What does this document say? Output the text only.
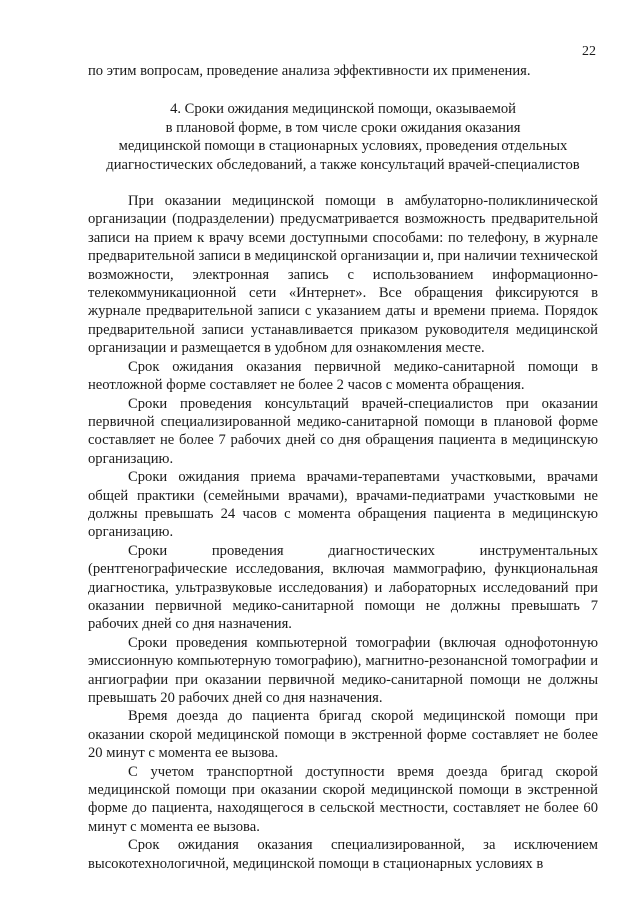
22

по этим вопросам, проведение анализа эффективности их применения.

4. Сроки ожидания медицинской помощи, оказываемой
в плановой форме, в том числе сроки ожидания оказания
медицинской помощи в стационарных условиях, проведения отдельных
диагностических обследований, а также консультаций врачей-специалистов

При оказании медицинской помощи в амбулаторно-поликлинической организации (подразделении) предусматривается возможность предварительной записи на прием к врачу всеми доступными способами: по телефону, в журнале предварительной записи в медицинской организации и, при наличии технической возможности, электронная запись с использованием информационно-телекоммуникационной сети «Интернет». Все обращения фиксируются в журнале предварительной записи с указанием даты и времени приема. Порядок предварительной записи устанавливается приказом руководителя медицинской организации и размещается в удобном для ознакомления месте.

Срок ожидания оказания первичной медико-санитарной помощи в неотложной форме составляет не более 2 часов с момента обращения.

Сроки проведения консультаций врачей-специалистов при оказании первичной специализированной медико-санитарной помощи в плановой форме составляет не более 7 рабочих дней со дня обращения пациента в медицинскую организацию.

Сроки ожидания приема врачами-терапевтами участковыми, врачами общей практики (семейными врачами), врачами-педиатрами участковыми не должны превышать 24 часов с момента обращения пациента в медицинскую организацию.

Сроки проведения диагностических инструментальных (рентгенографические исследования, включая маммографию, функциональная диагностика, ультразвуковые исследования) и лабораторных исследований при оказании первичной медико-санитарной помощи не должны превышать 7 рабочих дней со дня назначения.

Сроки проведения компьютерной томографии (включая однофотонную эмиссионную компьютерную томографию), магнитно-резонансной томографии и ангиографии при оказании первичной медико-санитарной помощи не должны превышать 20 рабочих дней со дня назначения.

Время доезда до пациента бригад скорой медицинской помощи при оказании скорой медицинской помощи в экстренной форме составляет не более 20 минут с момента ее вызова.

С учетом транспортной доступности время доезда бригад скорой медицинской помощи при оказании скорой медицинской помощи в экстренной форме до пациента, находящегося в сельской местности, составляет не более 60 минут с момента ее вызова.

Срок ожидания оказания специализированной, за исключением высокотехнологичной, медицинской помощи в стационарных условиях в
